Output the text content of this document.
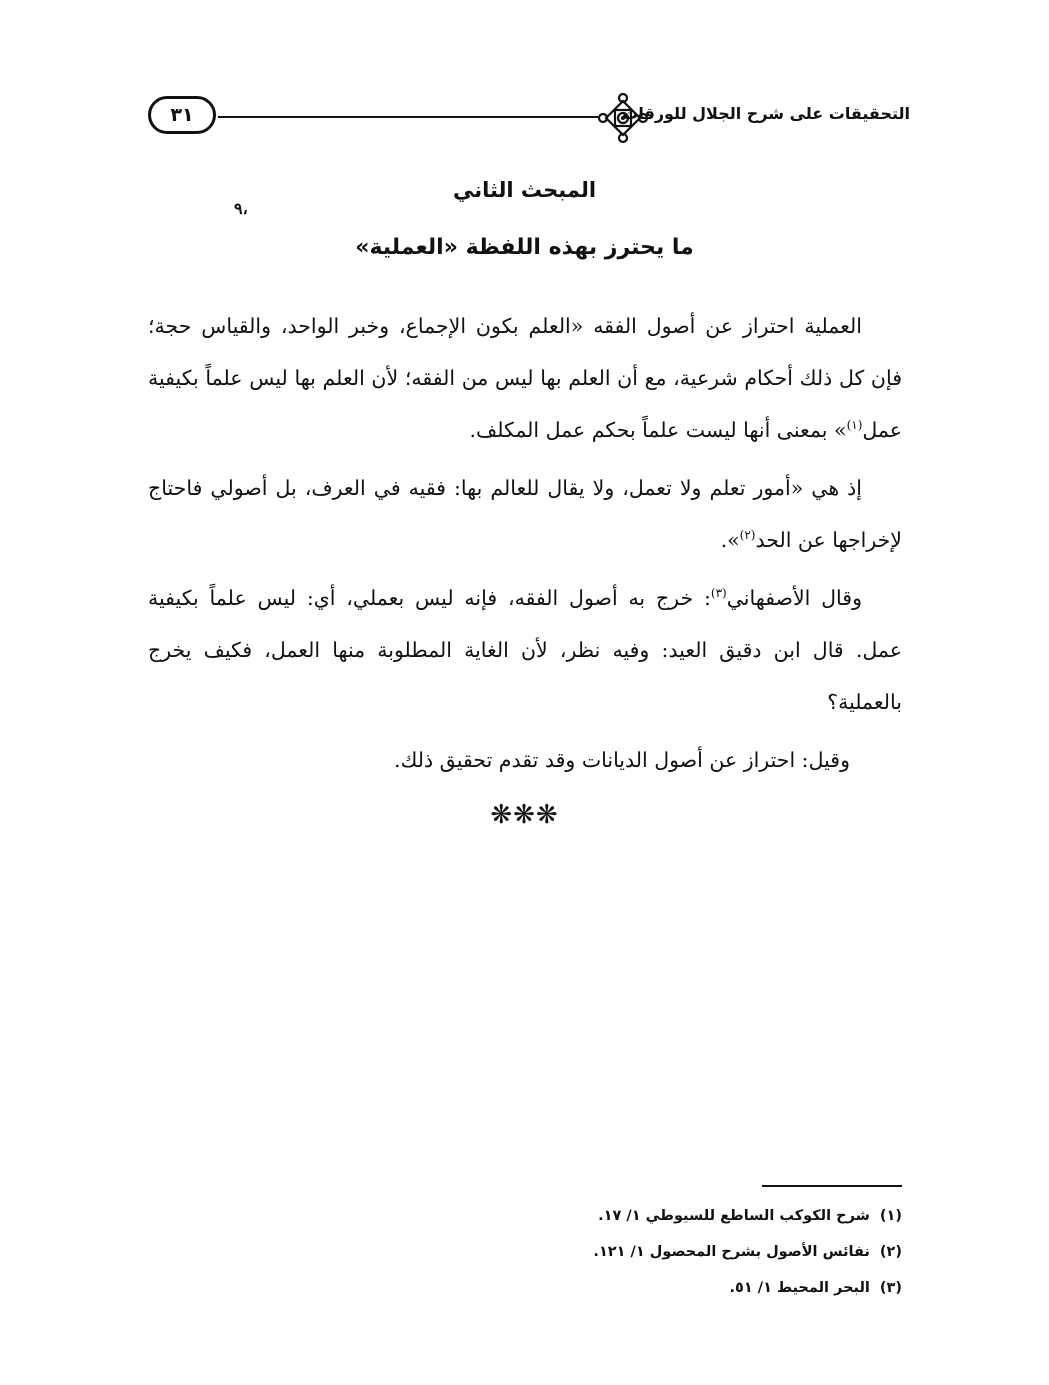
٣١	التحقيقات على شرح الجلال للورقات
المبحث الثاني
٩،
ما يحترز بهذه اللفظة «العملية»
العملية احتراز عن أصول الفقه «العلم بكون الإجماع، وخبر الواحد، والقياس حجة؛ فإن كل ذلك أحكام شرعية، مع أن العلم بها ليس من الفقه؛ لأن العلم بها ليس علماً بكيفية عمل$^{(١)}$» بمعنى أنها ليست علماً بحكم عمل المكلف.
إذ هي «أمور تعلم ولا تعمل، ولا يقال للعالم بها: فقيه في العرف، بل أصولي فاحتاج لإخراجها عن الحد$^{(٢)}$».
وقال الأصفهاني$^{(٣)}$: خرج به أصول الفقه، فإنه ليس بعملي، أي: ليس علماً بكيفية عمل. قال ابن دقيق العيد: وفيه نظر، لأن الغاية المطلوبة منها العمل، فكيف يخرج بالعملية؟
وقيل: احتراز عن أصول الديانات وقد تقدم تحقيق ذلك.
❋❋❋
(١)شرح الكوكب الساطع للسيوطي ١/ ١٧.
(٢)نفائس الأصول بشرح المحصول ١/ ١٢١.
(٣)البحر المحيط ١/ ٥١.
